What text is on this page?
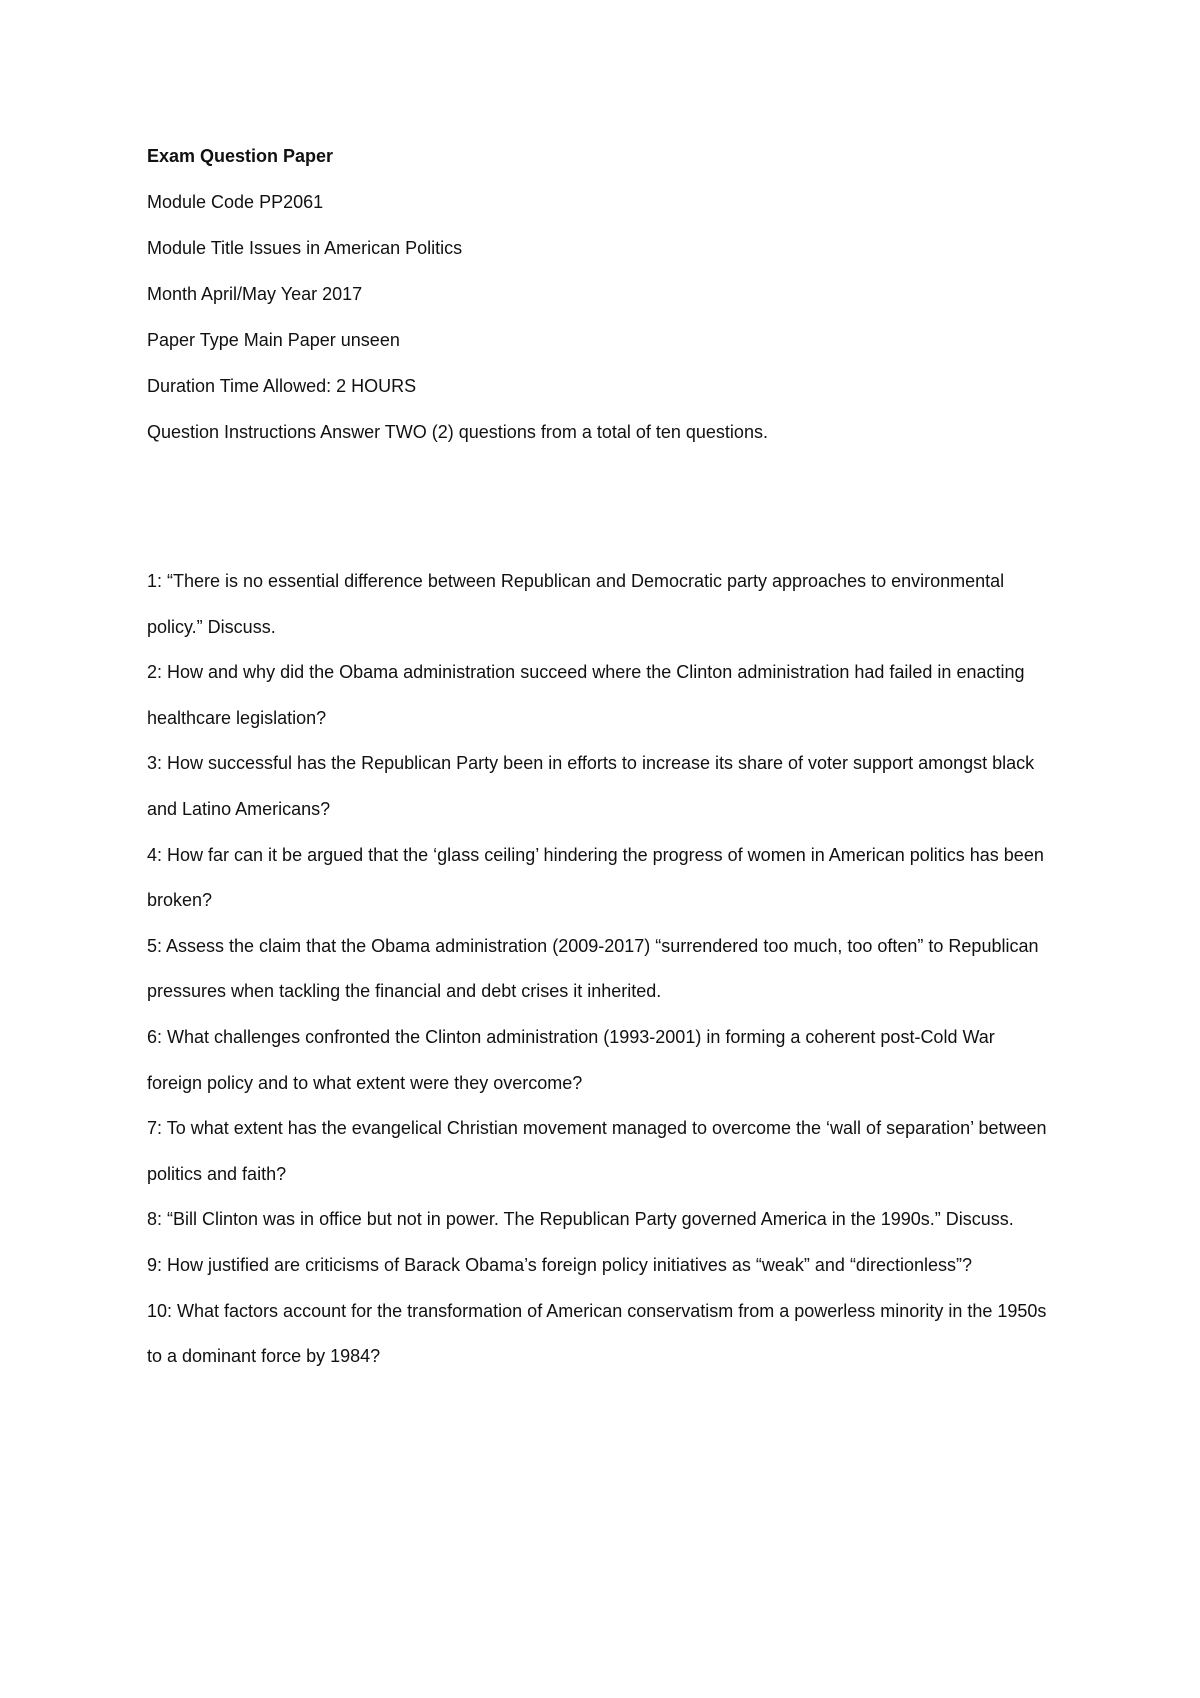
Exam Question Paper
Module Code PP2061
Module Title Issues in American Politics
Month April/May Year 2017
Paper Type Main Paper unseen
Duration Time Allowed: 2 HOURS
Question Instructions Answer TWO (2) questions from a total of ten questions.

1: “There is no essential difference between Republican and Democratic party approaches to environmental policy.” Discuss.

2: How and why did the Obama administration succeed where the Clinton administration had failed in enacting healthcare legislation?

3: How successful has the Republican Party been in efforts to increase its share of voter support amongst black and Latino Americans?

4: How far can it be argued that the ‘glass ceiling’ hindering the progress of women in American politics has been broken?

5: Assess the claim that the Obama administration (2009-2017) “surrendered too much, too often” to Republican pressures when tackling the financial and debt crises it inherited.

6: What challenges confronted the Clinton administration (1993-2001) in forming a coherent post-Cold War foreign policy and to what extent were they overcome?

7: To what extent has the evangelical Christian movement managed to overcome the ‘wall of separation’ between politics and faith?

8: “Bill Clinton was in office but not in power. The Republican Party governed America in the 1990s.” Discuss.

9: How justified are criticisms of Barack Obama’s foreign policy initiatives as “weak” and “directionless”?

10: What factors account for the transformation of American conservatism from a powerless minority in the 1950s to a dominant force by 1984?
